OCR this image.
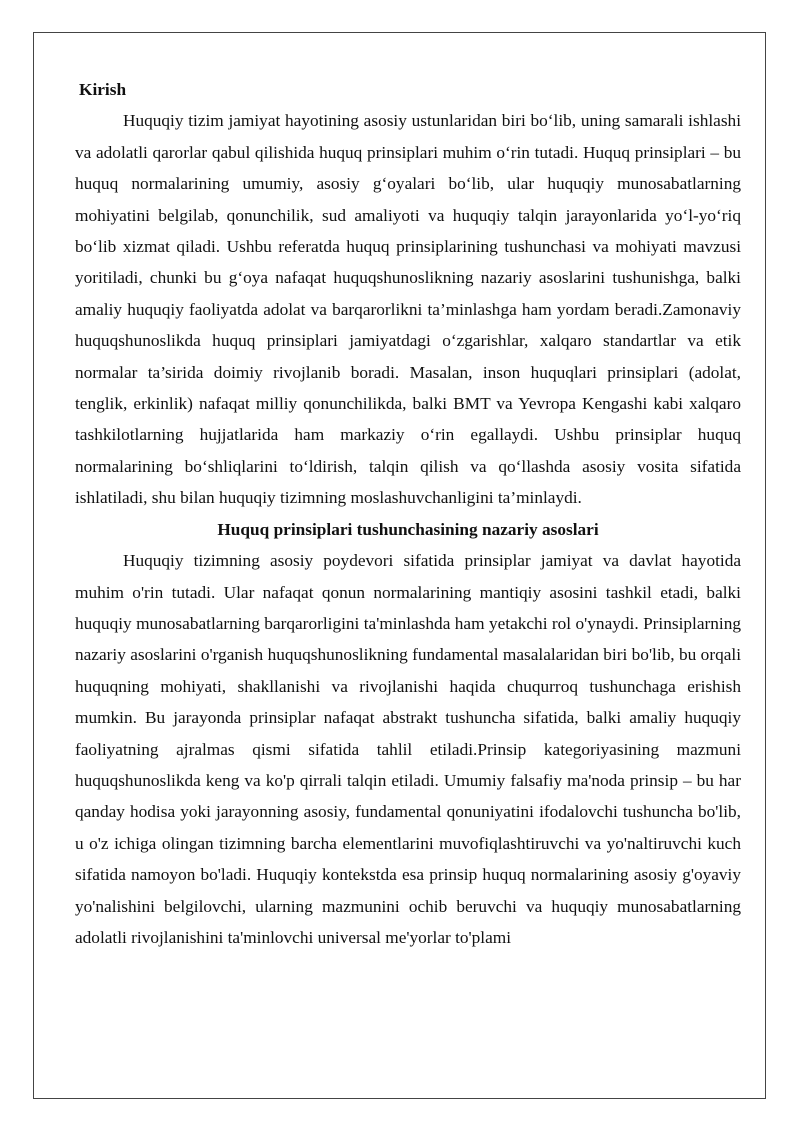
Kirish

Huquqiy tizim jamiyat hayotining asosiy ustunlaridan biri bo‘lib, uning samarali ishlashi va adolatli qarorlar qabul qilishida huquq prinsiplari muhim o‘rin tutadi. Huquq prinsiplari – bu huquq normalarining umumiy, asosiy g‘oyalari bo‘lib, ular huquqiy munosabatlarning mohiyatini belgilab, qonunchilik, sud amaliyoti va huquqiy talqin jarayonlarida yo‘l-yo‘riq bo‘lib xizmat qiladi. Ushbu referatda huquq prinsiplarining tushunchasi va mohiyati mavzusi yoritiladi, chunki bu g‘oya nafaqat huquqshunoslikning nazariy asoslarini tushunishga, balki amaliy huquqiy faoliyatda adolat va barqarorlikni ta’minlashga ham yordam beradi.Zamonaviy huquqshunoslikda huquq prinsiplari jamiyatdagi o‘zgarishlar, xalqaro standartlar va etik normalar ta’sirida doimiy rivojlanib boradi. Masalan, inson huquqlari prinsiplari (adolat, tenglik, erkinlik) nafaqat milliy qonunchilikda, balki BMT va Yevropa Kengashi kabi xalqaro tashkilotlarning hujjatlarida ham markaziy o‘rin egallaydi. Ushbu prinsiplar huquq normalarining bo‘shliqlarini to‘ldirish, talqin qilish va qo‘llashda asosiy vosita sifatida ishlatiladi, shu bilan huquqiy tizimning moslashuvchanligini ta’minlaydi.

Huquq prinsiplari tushunchasining nazariy asoslari

Huquqiy tizimning asosiy poydevori sifatida prinsiplar jamiyat va davlat hayotida muhim o'rin tutadi. Ular nafaqat qonun normalarining mantiqiy asosini tashkil etadi, balki huquqiy munosabatlarning barqarorligini ta'minlashda ham yetakchi rol o'ynaydi. Prinsiplarning nazariy asoslarini o'rganish huquqshunoslikning fundamental masalalaridan biri bo'lib, bu orqali huquqning mohiyati, shakllanishi va rivojlanishi haqida chuqurroq tushunchaga erishish mumkin. Bu jarayonda prinsiplar nafaqat abstrakt tushuncha sifatida, balki amaliy huquqiy faoliyatning ajralmas qismi sifatida tahlil etiladi.Prinsip kategoriyasining mazmuni huquqshunoslikda keng va ko'p qirrali talqin etiladi. Umumiy falsafiy ma'noda prinsip – bu har qanday hodisa yoki jarayonning asosiy, fundamental qonuniyatini ifodalovchi tushuncha bo'lib, u o'z ichiga olingan tizimning barcha elementlarini muvofiqlashtiruvchi va yo'naltiruvchi kuch sifatida namoyon bo'ladi. Huquqiy kontekstda esa prinsip huquq normalarining asosiy g'oyaviy yo'nalishini belgilovchi, ularning mazmunini ochib beruvchi va huquqiy munosabatlarning adolatli rivojlanishini ta'minlovchi universal me'yorlar to'plami
